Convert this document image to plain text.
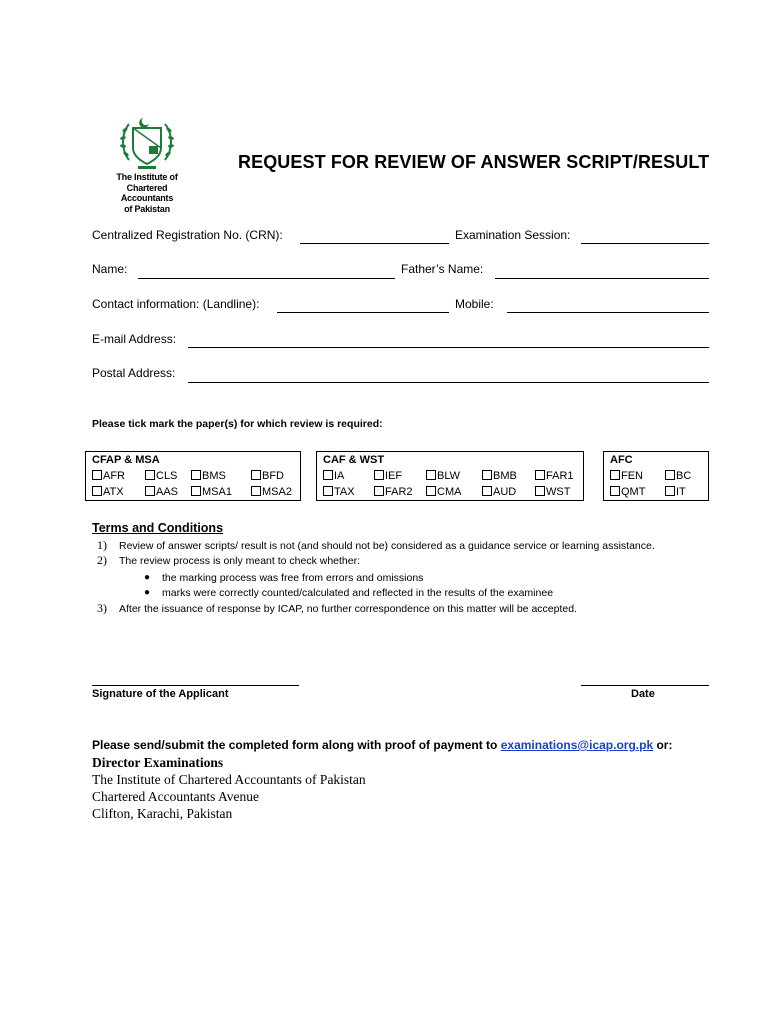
The Institute of
Chartered Accountants
of Pakistan
REQUEST FOR REVIEW OF ANSWER SCRIPT/RESULT
Centralized Registration No. (CRN):	Examination Session:
Name:	Father’s Name:
Contact information: (Landline):	Mobile:
E-mail Address:
Postal Address:
Please tick mark the paper(s) for which review is required:
CFAP & MSA
AFR	CLS	BMS	BFD
ATX	AAS	MSA1	MSA2
CAF & WST
IA	IEF	BLW	BMB	FAR1
TAX	FAR2	CMA	AUD	WST
AFC
FEN	BC
QMT	IT
Terms and Conditions
1) Review of answer scripts/ result is not (and should not be) considered as a guidance service or learning assistance.
2) The review process is only meant to check whether:
● the marking process was free from errors and omissions
● marks were correctly counted/calculated and reflected in the results of the examinee
3) After the issuance of response by ICAP, no further correspondence on this matter will be accepted.
Signature of the Applicant	Date
Please send/submit the completed form along with proof of payment to examinations@icap.org.pk or:
Director Examinations
The Institute of Chartered Accountants of Pakistan
Chartered Accountants Avenue
Clifton, Karachi, Pakistan
